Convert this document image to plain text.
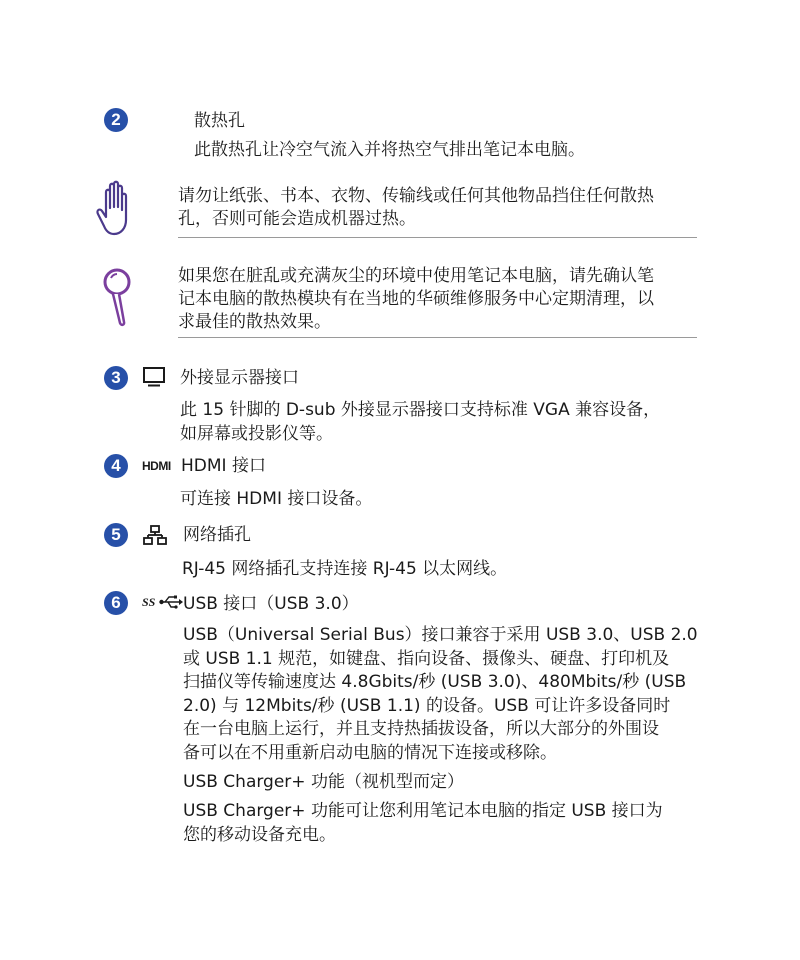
2	散热孔
此散热孔让冷空气流入并将热空气排出笔记本电脑。
请勿让纸张、书本、衣物、传输线或任何其他物品挡住任何散热
孔，否则可能会造成机器过热。
如果您在脏乱或充满灰尘的环境中使用笔记本电脑，请先确认笔
记本电脑的散热模块有在当地的华硕维修服务中心定期清理，以
求最佳的散热效果。
3	外接显示器接口
此 15 针脚的 D-sub 外接显示器接口支持标准 VGA 兼容设备，
如屏幕或投影仪等。
4	HDMI HDMI 接口
可连接 HDMI 接口设备。
5	网络插孔
RJ-45 网络插孔支持连接 RJ-45 以太网线。
6	SS USB 接口（USB 3.0）
USB（Universal Serial Bus）接口兼容于采用 USB 3.0、USB 2.0
或 USB 1.1 规范，如键盘、指向设备、摄像头、硬盘、打印机及
扫描仪等传输速度达 4.8Gbits/秒 (USB 3.0)、480Mbits/秒 (USB
2.0) 与 12Mbits/秒 (USB 1.1) 的设备。USB 可让许多设备同时
在一台电脑上运行，并且支持热插拔设备，所以大部分的外围设
备可以在不用重新启动电脑的情况下连接或移除。
USB Charger+ 功能（视机型而定）
USB Charger+ 功能可让您利用笔记本电脑的指定 USB 接口为
您的移动设备充电。
